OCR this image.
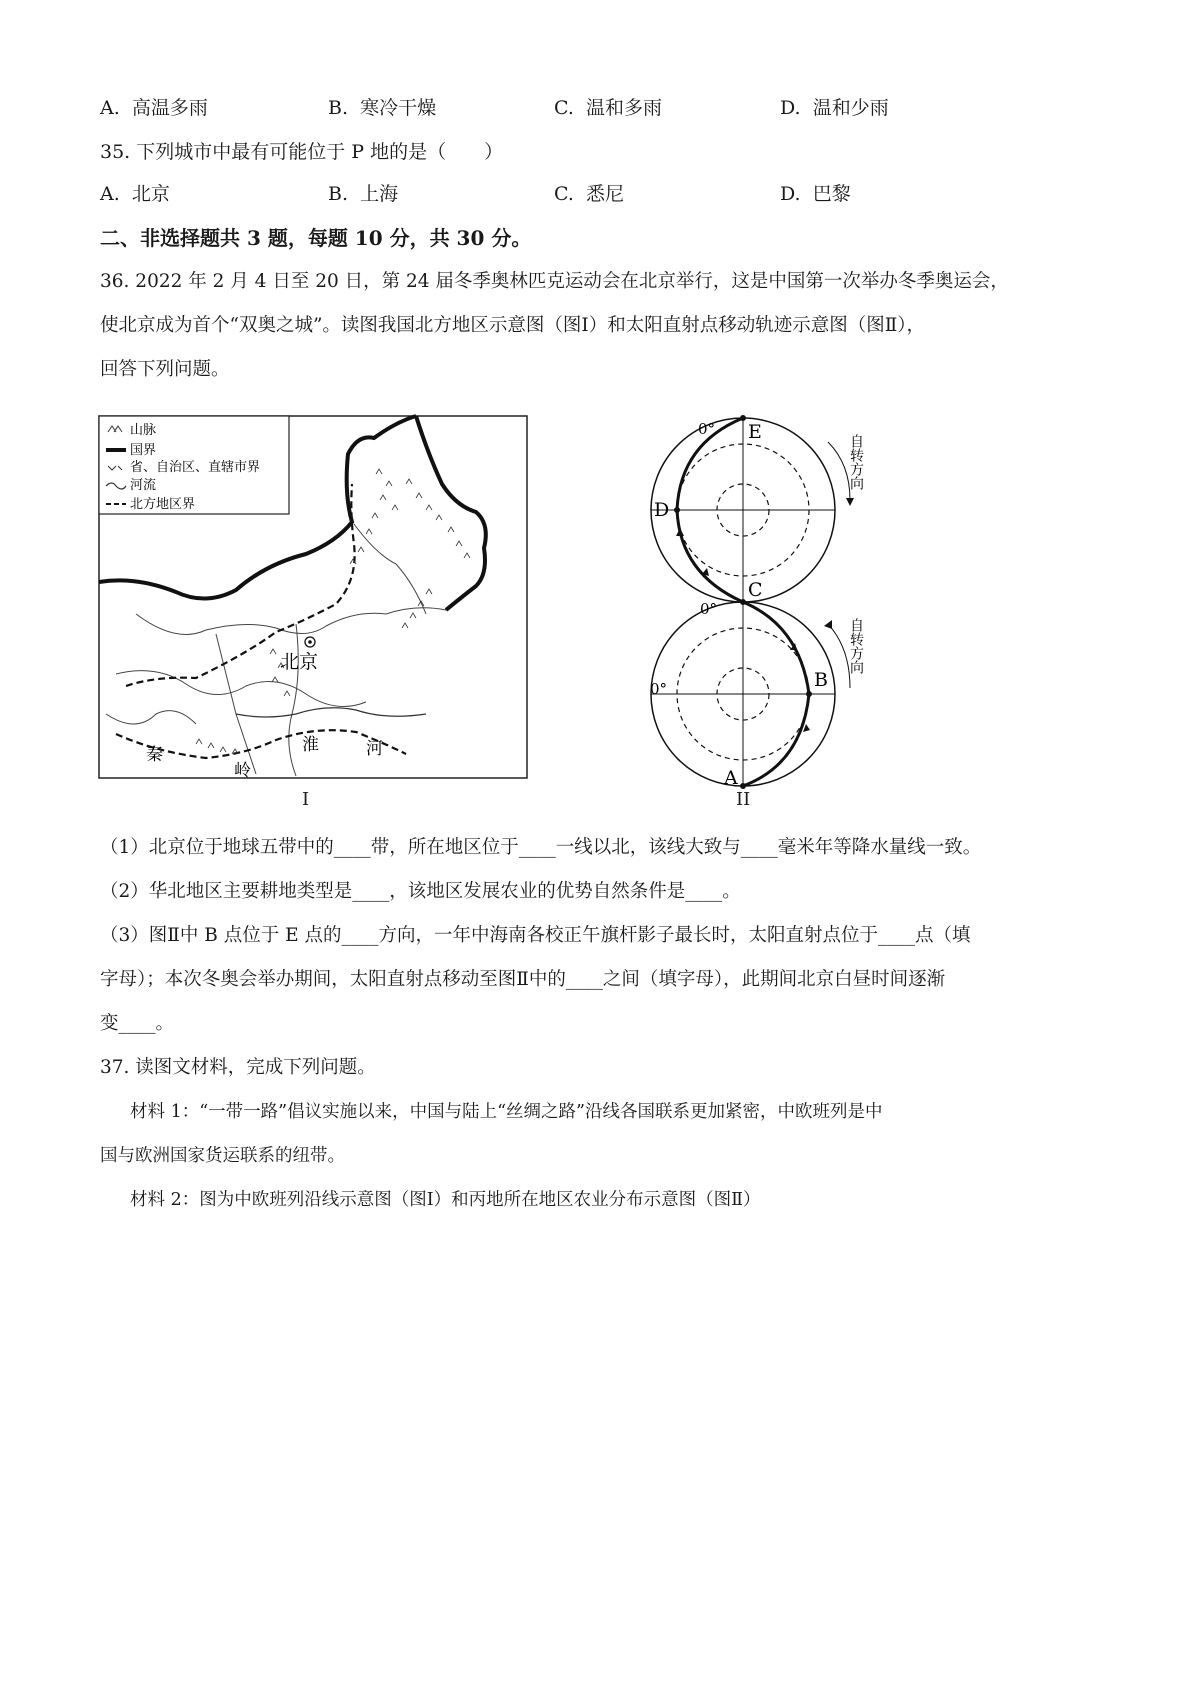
A. 高温多雨	B. 寒冷干燥	C. 温和多雨	D. 温和少雨
35. 下列城市中最有可能位于 P 地的是（　　）
A. 北京	B. 上海	C. 悉尼	D. 巴黎
二、非选择题共 3 题，每题 10 分，共 30 分。
36. 2022 年 2 月 4 日至 20 日，第 24 届冬季奥林匹克运动会在北京举行，这是中国第一次举办冬季奥运会，
使北京成为首个“双奥之城”。读图我国北方地区示意图（图Ⅰ）和太阳直射点移动轨迹示意图（图Ⅱ），
回答下列问题。
山脉
国界
省、自治区、直辖市界
河流
北方地区界
北京
秦
岭
淮	河
I
E
D
C
B
A
0°
0°
0°
自转方向
自转方向
II
（1）北京位于地球五带中的____带，所在地区位于____一线以北，该线大致与____毫米年等降水量线一致。
（2）华北地区主要耕地类型是____，该地区发展农业的优势自然条件是____。
（3）图Ⅱ中 B 点位于 E 点的____方向，一年中海南各校正午旗杆影子最长时，太阳直射点位于____点（填
字母）；本次冬奥会举办期间，太阳直射点移动至图Ⅱ中的____之间（填字母），此期间北京白昼时间逐渐
变____。
37. 读图文材料，完成下列问题。
材料 1：“一带一路”倡议实施以来，中国与陆上“丝绸之路”沿线各国联系更加紧密，中欧班列是中
国与欧洲国家货运联系的纽带。
材料 2：图为中欧班列沿线示意图（图Ⅰ）和丙地所在地区农业分布示意图（图Ⅱ）
